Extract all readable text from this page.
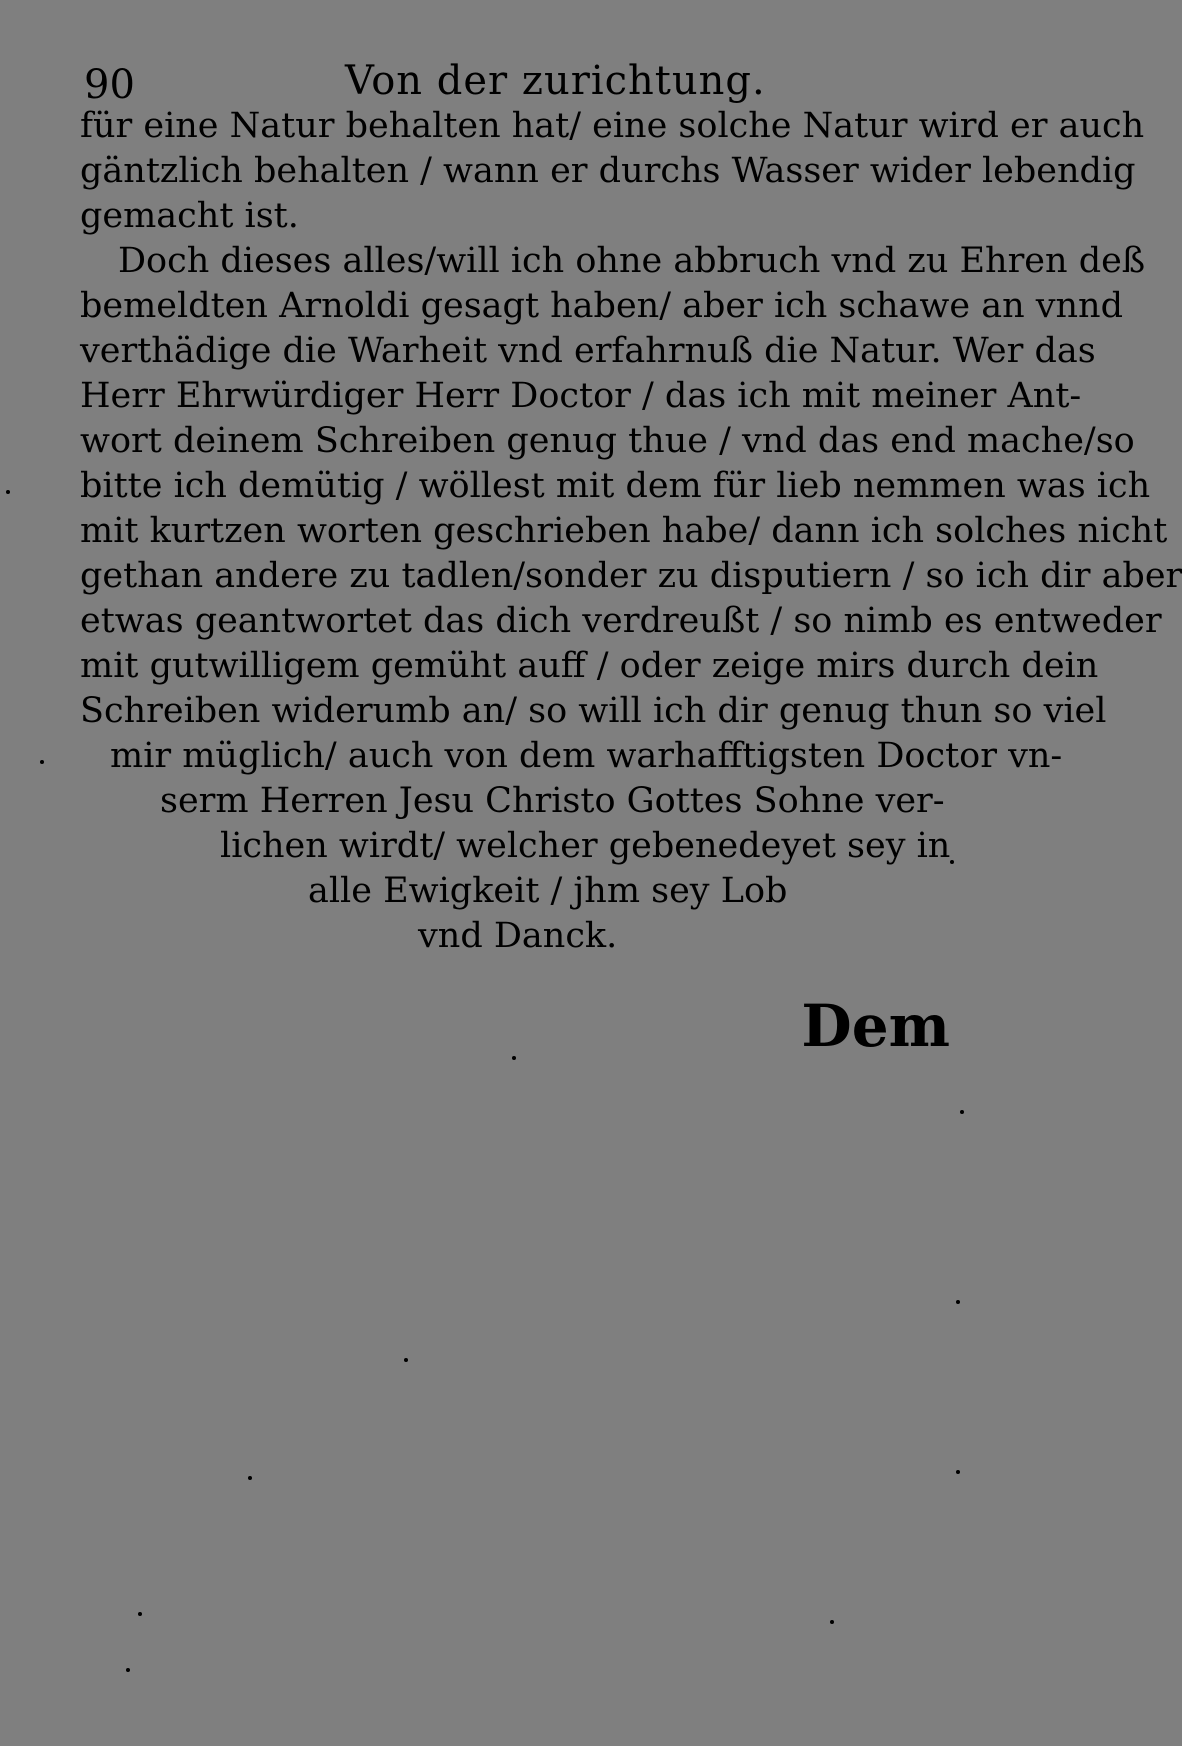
90	Von der zurichtung.
für eine Natur behalten hat/ eine solche Natur wird er auch
gäntzlich behalten / wann er durchs Wasser wider lebendig
gemacht ist.
Doch dieses alles/will ich ohne abbruch vnd zu Ehren deß
bemeldten Arnoldi gesagt haben/ aber ich schawe an vnnd
verthädige die Warheit vnd erfahrnuß die Natur. Wer das
Herr Ehrwürdiger Herr Doctor / das ich mit meiner Ant-
wort deinem Schreiben genug thue / vnd das end mache/so
bitte ich demütig / wöllest mit dem für lieb nemmen was ich
mit kurtzen worten geschrieben habe/ dann ich solches nicht
gethan andere zu tadlen/sonder zu disputiern / so ich dir aber
etwas geantwortet das dich verdreußt / so nimb es entweder
mit gutwilligem gemüht auff / oder zeige mirs durch dein
Schreiben widerumb an/ so will ich dir genug thun so viel
mir müglich/ auch von dem warhafftigsten Doctor vn-
serm Herren Jesu Christo Gottes Sohne ver-
lichen wirdt/ welcher gebenedeyet sey in
alle Ewigkeit / jhm sey Lob
vnd Danck.
Dem
